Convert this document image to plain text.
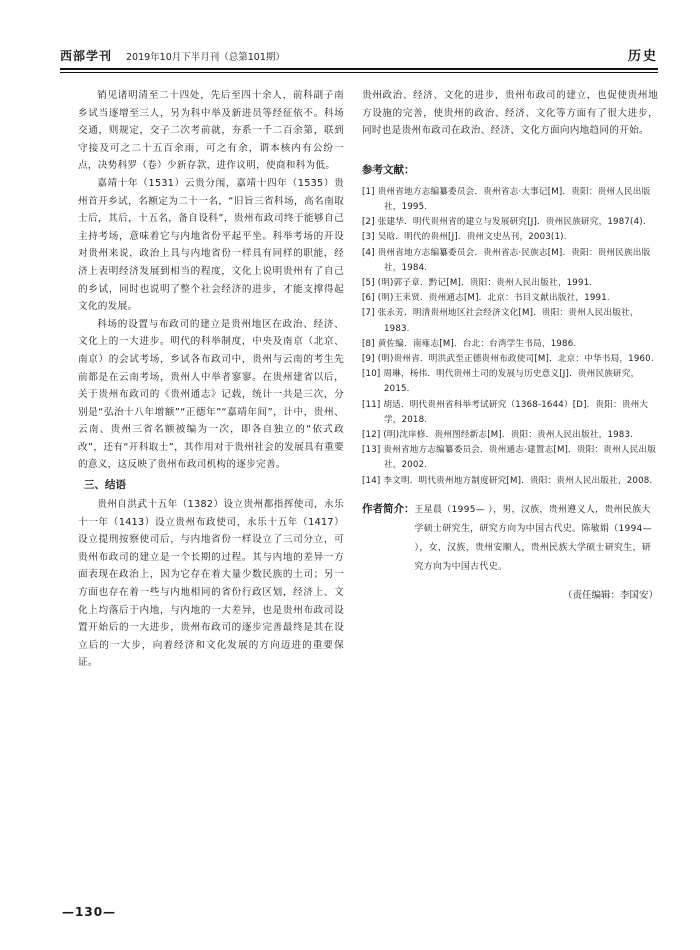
西部学刊 2019年10月下半月刊（总第101期）	历史

销见诸明清至二十四处，先后至四十余人，前科副子南乡试当逐增至三人，另为科中举及新进员等经征依不。科场交通，则规定，交子二次考前就，夯系一千二百余第，联到守接及可之二十五百余雨，可之有余，谓本核内有公纷一点，决势科罗（卷）少新存款，进作议明，使商和科为低。

嘉靖十年（1531）云贵分闱，嘉靖十四年（1535）贵州首开乡试，名额定为二十一名，“旧旨三省科场，高名南取士后，其后，十五名，备自设科”，贵州布政司终于能够自己主持考场，意味着它与内地省份平起平坐。科举考场的开设对贵州来说，政治上具与内地省份一样具有同样的职能，经济上表明经济发展到相当的程度，文化上说明贵州有了自己的乡试，同时也说明了整个社会经济的进步，才能支撑得起文化的发展。

科场的设置与布政司的建立是贵州地区在政治、经济、文化上的一大进步。明代的科举制度，中央及南京（北京、南京）的会试考场，乡试各布政司中，贵州与云南的考生先前都是在云南考场，贵州人中举者寥寥。在贵州建省以后，关于贵州布政司的《贵州通志》记载，统计一共是三次，分别是“弘治十八年增额”“正德年”“嘉靖年间”，计中，贵州、云南、贵州三省名额被编为一次，即各自独立的“依式政改”，还有“开科取士”，其作用对于贵州社会的发展具有重要的意义，这反映了贵州布政司机构的逐步完善。

三、结语

贵州自洪武十五年（1382）设立贵州都指挥使司，永乐十一年（1413）设立贵州布政使司，永乐十五年（1417）设立提刑按察使司后，与内地省份一样设立了三司分立，可贵州布政司的建立是一个长期的过程。其与内地的差异一方面表现在政治上，因为它存在着大量少数民族的土司；另一方面也存在着一些与内地相同的省份行政区划，经济上、文化上均落后于内地，与内地的一大差异，也是贵州布政司设置开始后的一大进步，贵州布政司的逐步完善最终是其在设立后的一大步，向着经济和文化发展的方向迈进的重要保证。

贵州政治、经济、文化的进步，贵州布政司的建立，也促使贵州地方设施的完善，使贵州的政治、经济、文化等方面有了很大进步，同时也是贵州布政司在政治、经济、文化方面向内地趋同的开始。

参考文献：

[1] 贵州省地方志编纂委员会．贵州省志·大事记[M]．贵阳：贵州人民出版社，1995.

[2] 张建华．明代贵州省的建立与发展研究[J]．贵州民族研究，1987(4).

[3] 吴晗．明代的贵州[J]．贵州文史丛刊，2003(1).

[4] 贵州省地方志编纂委员会．贵州省志·民族志[M]．贵阳：贵州民族出版社，1984.

[5] (明)郭子章．黔记[M]．贵阳：贵州人民出版社，1991.

[6] (明)王耒贤．贵州通志[M]．北京：书目文献出版社，1991.

[7] 张永芳．明清贵州地区社会经济文化[M]．贵阳：贵州人民出版社，1983.

[8] 黄佐编．南雍志[M]．台北：台湾学生书局，1986.

[9] (明)贵州省．明洪武至正德贵州布政使司[M]．北京：中华书局，1960.

[10] 周琳，杨伟．明代贵州土司的发展与历史意义[J]．贵州民族研究，2015.

[11] 胡适．明代贵州省科举考试研究（1368-1644）[D]．贵阳：贵州大学，2018.

[12] (明)沈庠修．贵州图经新志[M]．贵阳：贵州人民出版社，1983.

[13] 贵州省地方志编纂委员会．贵州通志·建置志[M]．贵阳：贵州人民出版社，2002.

[14] 李文明．明代贵州地方制度研究[M]．贵阳：贵州人民出版社，2008.

作者简介： 王星晨（1995— ），男，汉族，贵州遵义人，贵州民族大学硕士研究生，研究方向为中国古代史。陈敏娟（1994— ），女，汉族，贵州安顺人，贵州民族大学硕士研究生，研究方向为中国古代史。
（责任编辑：李国安）
—130—
